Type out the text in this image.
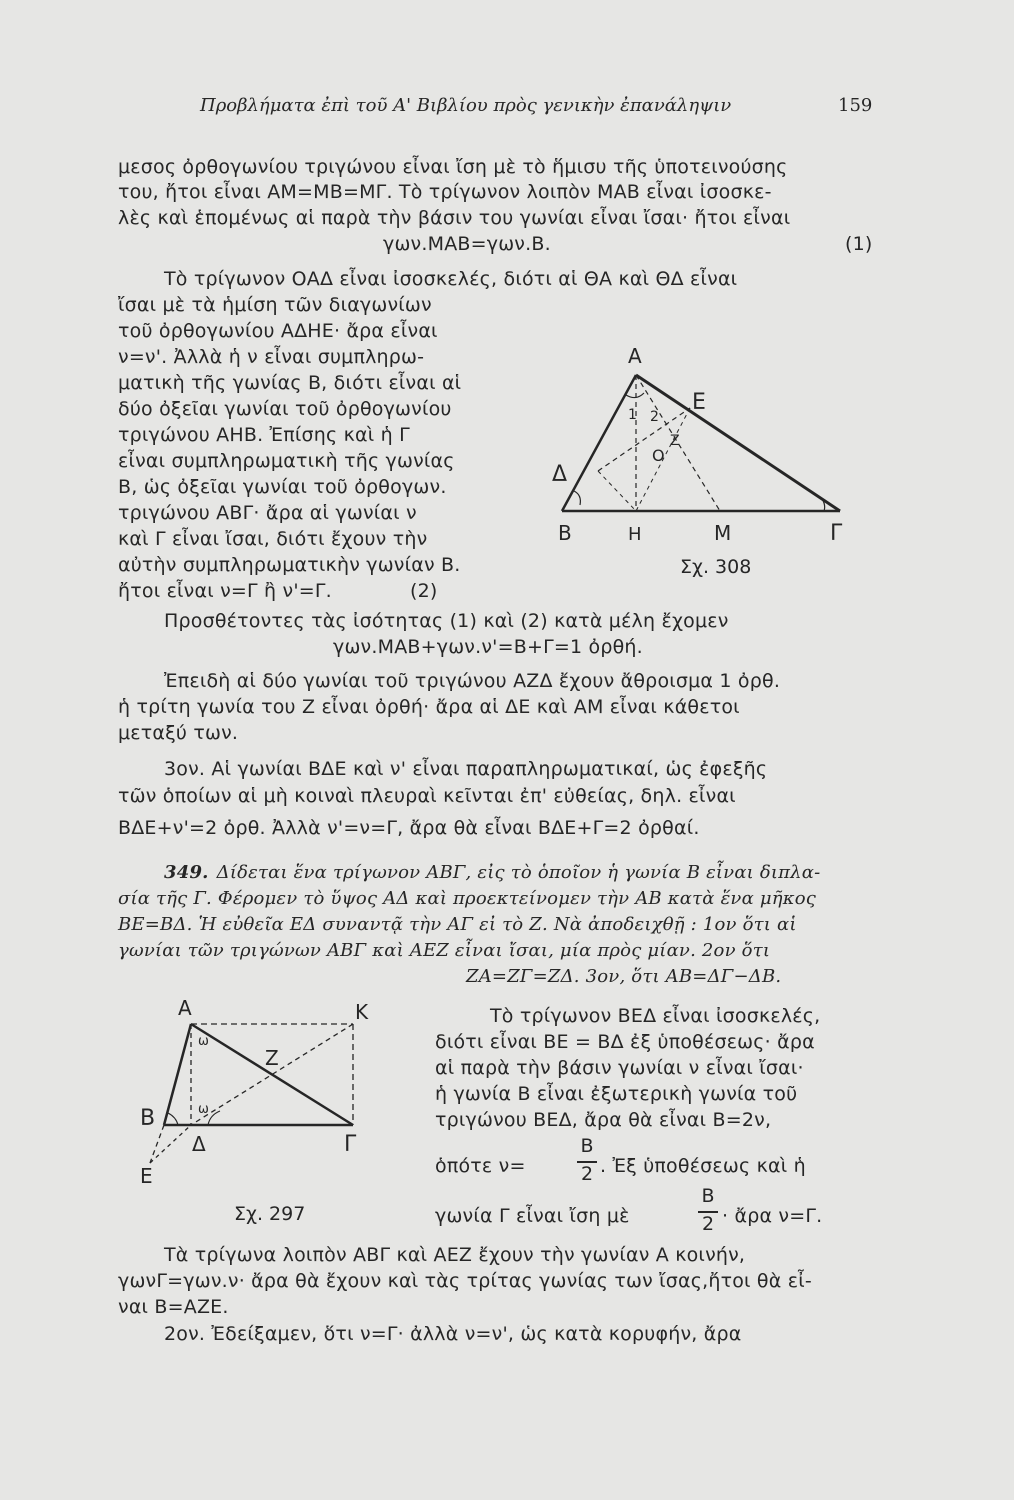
Προβλήματα ἐπὶ τοῦ Α' Βιβλίου πρὸς γενικὴν ἐπανάληψιν	159
μεσος ὀρθογωνίου τριγώνου εἶναι ἴση μὲ τὸ ἥμισυ τῆς ὑποτεινούσης
του, ἤτοι εἶναι ΑΜ=ΜΒ=ΜΓ. Τὸ τρίγωνον λοιπὸν ΜΑΒ εἶναι ἰσοσκε-
λὲς καὶ ἑπομένως αἱ παρὰ τὴν βάσιν του γωνίαι εἶναι ἴσαι· ἤτοι εἶναι
γων.ΜΑΒ=γων.Β.	(1)
Τὸ τρίγωνον ΟΑΔ εἶναι ἰσοσκελές, διότι αἱ ΘΑ καὶ ΘΔ εἶναι
ἴσαι μὲ τὰ ἡμίση τῶν διαγωνίων
τοῦ ὀρθογωνίου ΑΔΗΕ· ἄρα εἶναι
ν=ν'. Ἀλλὰ ἡ ν εἶναι συμπληρω-
ματικὴ τῆς γωνίας Β, διότι εἶναι αἱ
δύο ὀξεῖαι γωνίαι τοῦ ὀρθογωνίου
τριγώνου ΑΗΒ. Ἐπίσης καὶ ἡ Γ
εἶναι συμπληρωματικὴ τῆς γωνίας
Β, ὡς ὀξεῖαι γωνίαι τοῦ ὀρθογων.
τριγώνου ΑΒΓ· ἄρα αἱ γωνίαι ν
καὶ Γ εἶναι ἴσαι, διότι ἔχουν τὴν
αὐτὴν συμπληρωματικὴν γωνίαν Β.
ἤτοι εἶναι ν=Γ ἢ ν'=Γ.	(2)
Προσθέτοντες τὰς ἰσότητας (1) καὶ (2) κατὰ μέλη ἔχομεν
γων.ΜΑΒ+γων.ν'=Β+Γ=1 ὀρθή.
Ἐπειδὴ αἱ δύο γωνίαι τοῦ τριγώνου ΑΖΔ ἔχουν ἄθροισμα 1 ὀρθ.
ἡ τρίτη γωνία του Ζ εἶναι ὀρθή· ἄρα αἱ ΔΕ καὶ ΑΜ εἶναι κάθετοι
μεταξύ των.
3ον. Αἱ γωνίαι ΒΔΕ καὶ ν' εἶναι παραπληρωματικαί, ὡς ἐφεξῆς
τῶν ὁποίων αἱ μὴ κοιναὶ πλευραὶ κεῖνται ἐπ' εὐθείας, δηλ. εἶναι
ΒΔΕ+ν'=2 ὀρθ. Ἀλλὰ ν'=ν=Γ, ἄρα θὰ εἶναι ΒΔΕ+Γ=2 ὀρθαί.
349. Δίδεται ἕνα τρίγωνον ΑΒΓ, εἰς τὸ ὁποῖον ἡ γωνία Β εἶναι διπλα-
σία τῆς Γ. Φέρομεν τὸ ὕψος ΑΔ καὶ προεκτείνομεν τὴν ΑΒ κατὰ ἕνα μῆκος
ΒΕ=ΒΔ. Ἡ εὐθεῖα ΕΔ συναντᾷ τὴν ΑΓ εἰ τὸ Ζ. Νὰ ἀποδειχθῇ : 1ον ὅτι αἱ
γωνίαι τῶν τριγώνων ΑΒΓ καὶ ΑΕΖ εἶναι ἴσαι, μία πρὸς μίαν. 2ον ὅτι
ΖΑ=ΖΓ=ΖΔ. 3ον, ὅτι ΑΒ=ΔΓ−ΔΒ.
Τὸ τρίγωνον ΒΕΔ εἶναι ἰσοσκελές,
διότι εἶναι ΒΕ = ΒΔ ἐξ ὑποθέσεως· ἄρα
αἱ παρὰ τὴν βάσιν γωνίαι ν εἶναι ἴσαι·
ἡ γωνία Β εἶναι ἐξωτερικὴ γωνία τοῦ
τριγώνου ΒΕΔ, ἄρα θὰ εἶναι Β=2ν,
ὁπότε ν=
Β
2 . Ἐξ ὑποθέσεως καὶ ἡ
γωνία Γ εἶναι ἴση μὲ
Β
2 · ἄρα ν=Γ.
Τὰ τρίγωνα λοιπὸν ΑΒΓ καὶ ΑΕΖ ἔχουν τὴν γωνίαν Α κοινήν,
γωνΓ=γων.ν· ἄρα θὰ ἔχουν καὶ τὰς τρίτας γωνίας των ἴσας,ἤτοι θὰ εἶ-
ναι Β=ΑΖΕ.
2ον. Ἐδείξαμεν, ὅτι ν=Γ· ἀλλὰ ν=ν', ὡς κατὰ κορυφήν, ἄρα
Α
Ε
Δ
Β	Η	Μ	Γ
Ο
Ζ
1 2
Σχ. 308
Α	Κ
Ζ
Β
Δ	Γ
Ε
ω
ω
Σχ. 297
